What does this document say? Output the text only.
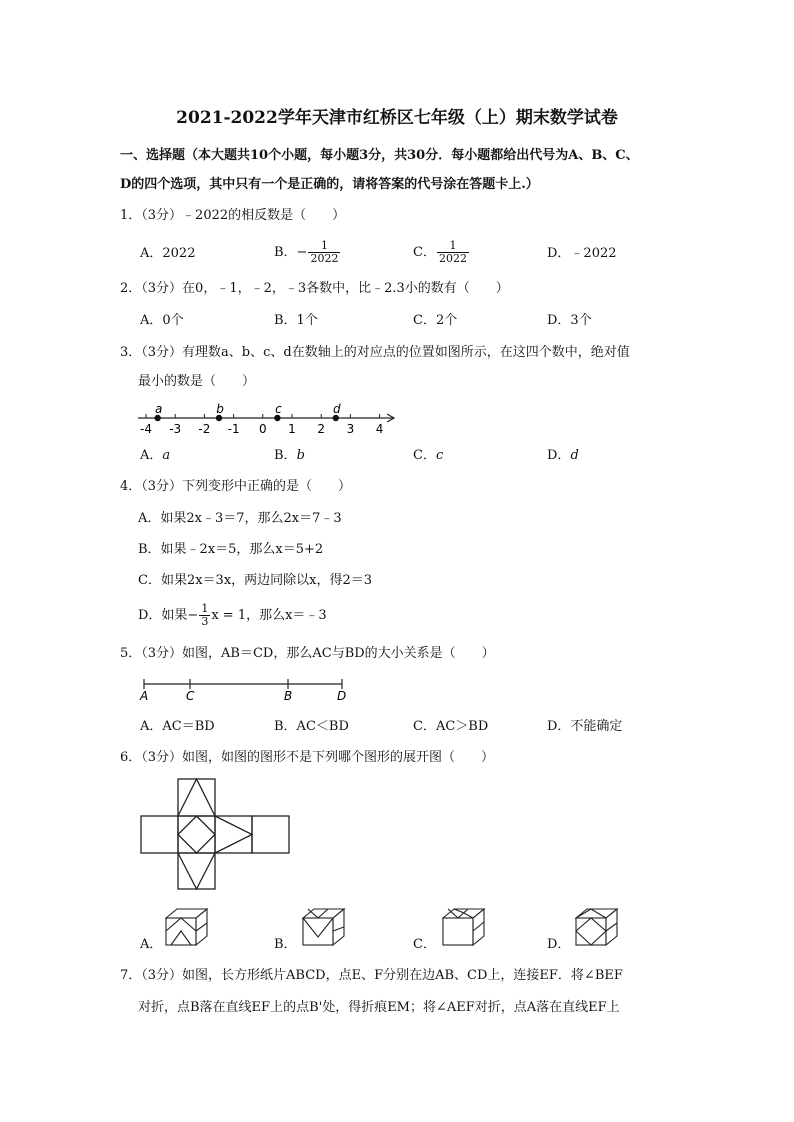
2021-2022学年天津市红桥区七年级（上）期末数学试卷
一、选择题（本大题共10个小题，每小题3分，共30分．每小题都给出代号为A、B、C、
D的四个选项，其中只有一个是正确的，请将答案的代号涂在答题卡上.）
1．（3分）﹣2022的相反数是（　　）
A．2022	B．− $\frac{1}{2022}$	C． $\frac{1}{2022}$	D．﹣2022
2．（3分）在0，﹣1，﹣2，﹣3各数中，比﹣2.3小的数有（　　）
A．0个	B．1个	C．2个	D．3个
3．（3分）有理数a、b、c、d在数轴上的对应点的位置如图所示，在这四个数中，绝对值
最小的数是（　　）
-4 -3 -2 -1 0 1 2 3 4
a	b	c	d
A．a	B．b	C．c	D．d
4．（3分）下列变形中正确的是（　　）
A．如果2x﹣3＝7，那么2x＝7﹣3
B．如果﹣2x＝5，那么x＝5+2
C．如果2x＝3x，两边同除以x，得2＝3
D．如果− $\frac{1}{3}$ x = 1，那么x＝﹣3
5．（3分）如图，AB＝CD，那么AC与BD的大小关系是（　　）
A	C	B	D
A．AC＝BD	B．AC＜BD	C．AC＞BD	D．不能确定
6．（3分）如图，如图的图形不是下列哪个图形的展开图（　　）
A．	B．	C．	D．
7．（3分）如图，长方形纸片ABCD，点E、F分别在边AB、CD上，连接EF．将∠BEF
对折，点B落在直线EF上的点B'处，得折痕EM；将∠AEF对折，点A落在直线EF上
